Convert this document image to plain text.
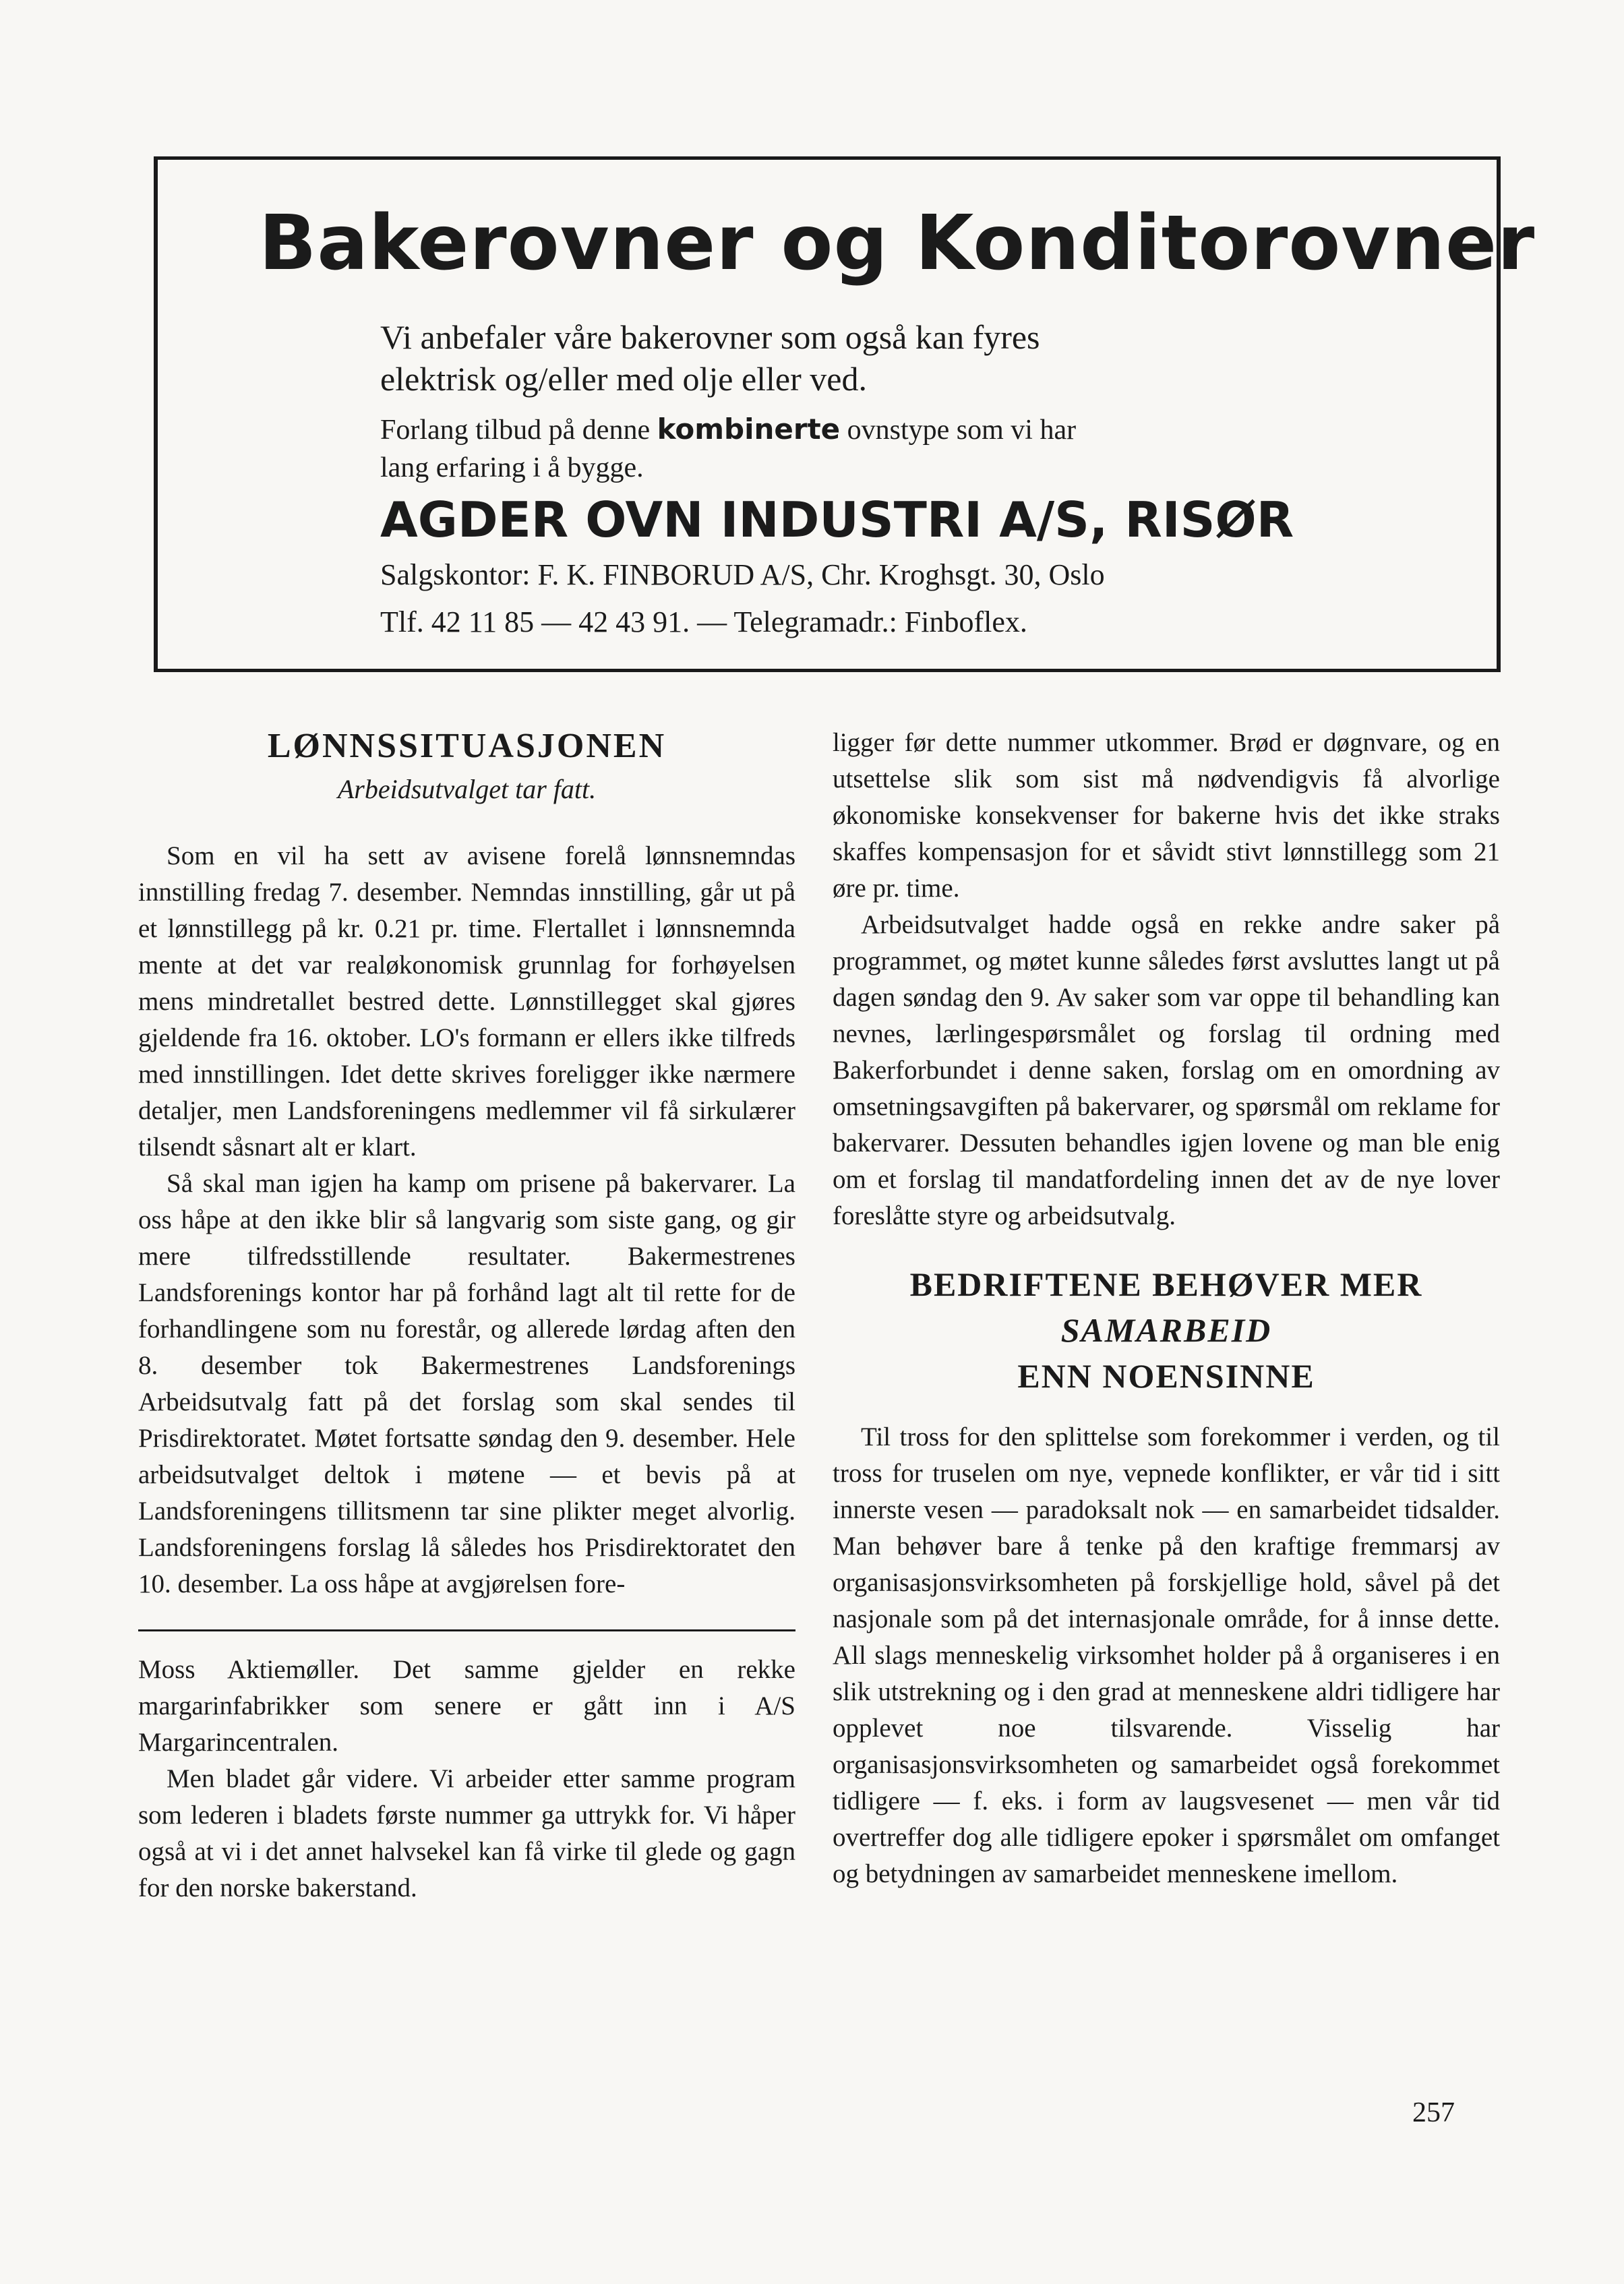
Bakerovner og Konditorovner
Vi anbefaler våre bakerovner som også kan fyres
elektrisk og/eller med olje eller ved.
Forlang tilbud på denne kombinerte ovnstype som vi har
lang erfaring i å bygge.
AGDER OVN INDUSTRI A/S, RISØR
Salgskontor: F. K. FINBORUD A/S, Chr. Kroghsgt. 30, Oslo
Tlf. 42 11 85 — 42 43 91. — Telegramadr.: Finboflex.
LØNNSSITUASJONEN
Arbeidsutvalget tar fatt.

Som en vil ha sett av avisene forelå lønnsnemndas innstilling fredag 7. desember. Nemndas innstilling, går ut på et lønnstillegg på kr. 0.21 pr. time. Flertallet i lønnsnemnda mente at det var realøkonomisk grunnlag for forhøyelsen mens mindretallet bestred dette. Lønnstillegget skal gjøres gjeldende fra 16. oktober. LO's formann er ellers ikke tilfreds med innstillingen. Idet dette skrives foreligger ikke nærmere detaljer, men Landsforeningens medlemmer vil få sirkulærer tilsendt såsnart alt er klart.

Så skal man igjen ha kamp om prisene på bakervarer. La oss håpe at den ikke blir så langvarig som siste gang, og gir mere tilfredsstillende resultater. Bakermestrenes Landsforenings kontor har på forhånd lagt alt til rette for de forhandlingene som nu forestår, og allerede lørdag aften den 8. desember tok Bakermestrenes Landsforenings Arbeidsutvalg fatt på det forslag som skal sendes til Prisdirektoratet. Møtet fortsatte søndag den 9. desember. Hele arbeidsutvalget deltok i møtene — et bevis på at Landsforeningens tillitsmenn tar sine plikter meget alvorlig. Landsforeningens forslag lå således hos Prisdirektoratet den 10. desember. La oss håpe at avgjørelsen fore-

Moss Aktiemøller. Det samme gjelder en rekke margarinfabrikker som senere er gått inn i A/S Margarincentralen.

Men bladet går videre. Vi arbeider etter samme program som lederen i bladets første nummer ga uttrykk for. Vi håper også at vi i det annet halvsekel kan få virke til glede og gagn for den norske bakerstand.

ligger før dette nummer utkommer. Brød er døgnvare, og en utsettelse slik som sist må nødvendigvis få alvorlige økonomiske konsekvenser for bakerne hvis det ikke straks skaffes kompensasjon for et såvidt stivt lønnstillegg som 21 øre pr. time.

Arbeidsutvalget hadde også en rekke andre saker på programmet, og møtet kunne således først avsluttes langt ut på dagen søndag den 9. Av saker som var oppe til behandling kan nevnes, lærlingespørsmålet og forslag til ordning med Bakerforbundet i denne saken, forslag om en omordning av omsetningsavgiften på bakervarer, og spørsmål om reklame for bakervarer. Dessuten behandles igjen lovene og man ble enig om et forslag til mandatfordeling innen det av de nye lover foreslåtte styre og arbeidsutvalg.

BEDRIFTENE BEHØVER MER
SAMARBEID
ENN NOENSINNE

Til tross for den splittelse som forekommer i verden, og til tross for truselen om nye, vepnede konflikter, er vår tid i sitt innerste vesen — paradoksalt nok — en samarbeidet tidsalder. Man behøver bare å tenke på den kraftige fremmarsj av organisasjonsvirksomheten på forskjellige hold, såvel på det nasjonale som på det internasjonale område, for å innse dette. All slags menneskelig virksomhet holder på å organiseres i en slik utstrekning og i den grad at menneskene aldri tidligere har opplevet noe tilsvarende. Visselig har organisasjonsvirksomheten og samarbeidet også forekommet tidligere — f. eks. i form av laugsvesenet — men vår tid overtreffer dog alle tidligere epoker i spørsmålet om omfanget og betydningen av samarbeidet menneskene imellom.

257
